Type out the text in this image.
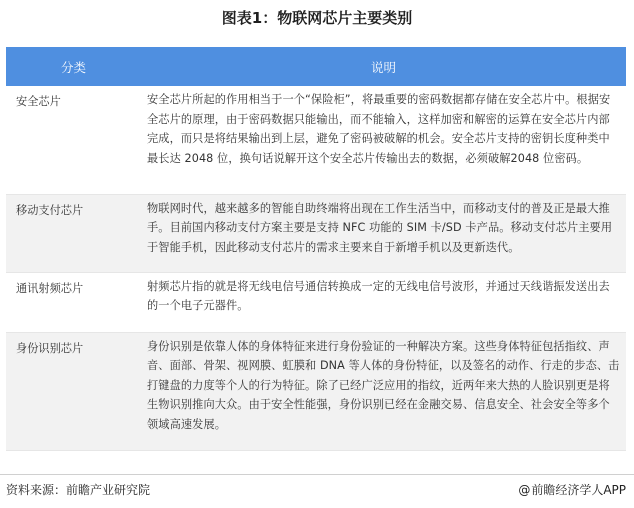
图表1：物联网芯片主要类别
分类	说明
安全芯片	安全芯片所起的作用相当于一个“保险柜”，将最重要的密码数据都存储在安全芯片中。根据安全芯片的原理，由于密码数据只能输出，而不能输入，这样加密和解密的运算在安全芯片内部完成，而只是将结果输出到上层，避免了密码被破解的机会。安全芯片支持的密钥长度种类中最长达 2048 位，换句话说解开这个安全芯片传输出去的数据，必须破解2048 位密码。
移动支付芯片	物联网时代，越来越多的智能自助终端将出现在工作生活当中，而移动支付的普及正是最大推手。目前国内移动支付方案主要是支持 NFC 功能的 SIM 卡/SD 卡产品。移动支付芯片主要用于智能手机，因此移动支付芯片的需求主要来自于新增手机以及更新迭代。
通讯射频芯片	射频芯片指的就是将无线电信号通信转换成一定的无线电信号波形，并通过天线谐振发送出去的一个电子元器件。
身份识别芯片	身份识别是依靠人体的身体特征来进行身份验证的一种解决方案。这些身体特征包括指纹、声音、面部、骨架、视网膜、虹膜和 DNA 等人体的身份特征，以及签名的动作、行走的步态、击打键盘的力度等个人的行为特征。除了已经广泛应用的指纹，近两年来大热的人脸识别更是将生物识别推向大众。由于安全性能强，身份识别已经在金融交易、信息安全、社会安全等多个领域高速发展。
资料来源：前瞻产业研究院	@前瞻经济学人APP
